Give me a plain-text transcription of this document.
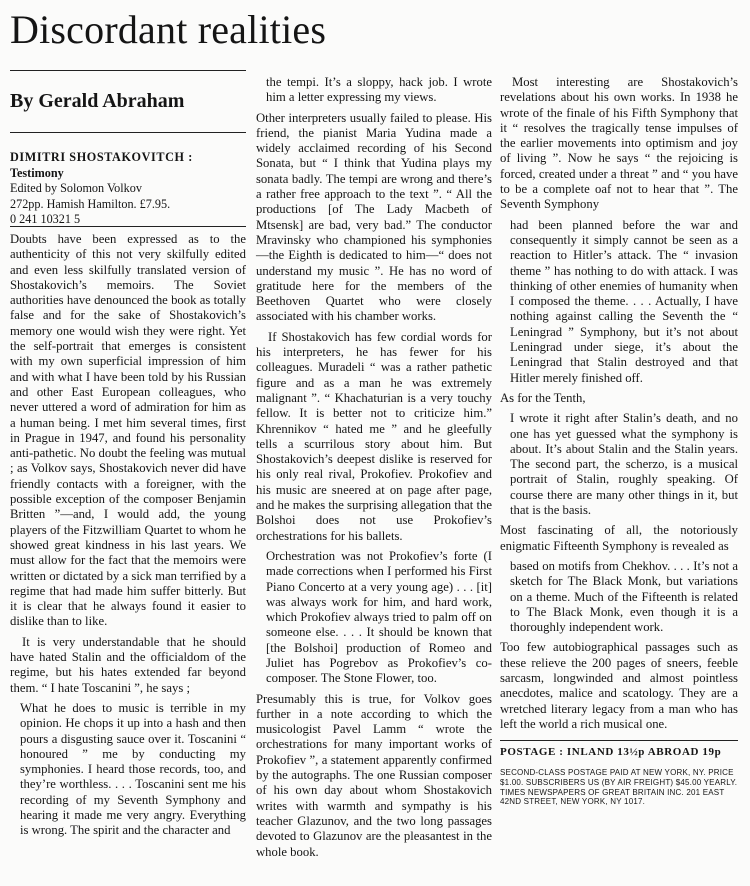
Discordant realities
By Gerald Abraham
DIMITRI SHOSTAKOVITCH :
Testimony
Edited by Solomon Volkov
272pp. Hamish Hamilton. £7.95.
0 241 10321 5

Doubts have been expressed as to the authenticity of this not very skilfully edited and even less skilfully translated version of Shostakovich’s memoirs. The Soviet authorities have denounced the book as totally false and for the sake of Shostakovich’s memory one would wish they were right. Yet the self-portrait that emerges is consistent with my own superficial impression of him and with what I have been told by his Russian and other East European colleagues, who never uttered a word of admiration for him as a human being. I met him several times, first in Prague in 1947, and found his personality anti-pathetic. No doubt the feeling was mutual ; as Volkov says, Shostakovich never did have friendly contacts with a foreigner, with the possible exception of the composer Benjamin Britten ”—and, I would add, the young players of the Fitzwilliam Quartet to whom he showed great kindness in his last years. We must allow for the fact that the memoirs were written or dictated by a sick man terrified by a regime that had made him suffer bitterly. But it is clear that he always found it easier to dislike than to like.

It is very understandable that he should have hated Stalin and the officialdom of the regime, but his hates extended far beyond them. “ I hate Toscanini ”, he says ;

What he does to music is terrible in my opinion. He chops it up into a hash and then pours a disgusting sauce over it. Toscanini “ honoured ” me by conducting my symphonies. I heard those records, too, and they’re worthless. . . . Toscanini sent me his recording of my Seventh Symphony and hearing it made me very angry. Everything is wrong. The spirit and the character and

the tempi. It’s a sloppy, hack job. I wrote him a letter expressing my views.

Other interpreters usually failed to please. His friend, the pianist Maria Yudina made a widely acclaimed recording of his Second Sonata, but “ I think that Yudina plays my sonata badly. The tempi are wrong and there’s a rather free approach to the text ”. “ All the productions [of The Lady Macbeth of Mtsensk] are bad, very bad.” The conductor Mravinsky who championed his symphonies—the Eighth is dedicated to him—“ does not understand my music ”. He has no word of gratitude here for the members of the Beethoven Quartet who were closely associated with his chamber works.

If Shostakovich has few cordial words for his interpreters, he has fewer for his colleagues. Muradeli “ was a rather pathetic figure and as a man he was extremely malignant ”. “ Khachaturian is a very touchy fellow. It is better not to criticize him.” Khrennikov “ hated me ” and he gleefully tells a scurrilous story about him. But Shostakovich’s deepest dislike is reserved for his only real rival, Prokofiev. Prokofiev and his music are sneered at on page after page, and he makes the surprising allegation that the Bolshoi does not use Prokofiev’s orchestrations for his ballets.

Orchestration was not Prokofiev’s forte (I made corrections when I performed his First Piano Concerto at a very young age) . . . [it] was always work for him, and hard work, which Prokofiev always tried to palm off on someone else. . . . It should be known that [the Bolshoi] production of Romeo and Juliet has Pogrebov as Prokofiev’s co-composer. The Stone Flower, too.

Presumably this is true, for Volkov goes further in a note according to which the musicologist Pavel Lamm “ wrote the orchestrations for many important works of Prokofiev ”, a statement apparently confirmed by the autographs. The one Russian composer of his own day about whom Shostakovich writes with warmth and sympathy is his teacher Glazunov, and the two long passages devoted to Glazunov are the pleasantest in the whole book.

Most interesting are Shostakovich’s revelations about his own works. In 1938 he wrote of the finale of his Fifth Symphony that it “ resolves the tragically tense impulses of the earlier movements into optimism and joy of living ”. Now he says “ the rejoicing is forced, created under a threat ” and “ you have to be a complete oaf not to hear that ”. The Seventh Symphony

had been planned before the war and consequently it simply cannot be seen as a reaction to Hitler’s attack. The “ invasion theme ” has nothing to do with attack. I was thinking of other enemies of humanity when I composed the theme. . . . Actually, I have nothing against calling the Seventh the “ Leningrad ” Symphony, but it’s not about Leningrad under siege, it’s about the Leningrad that Stalin destroyed and that Hitler merely finished off.

As for the Tenth,

I wrote it right after Stalin’s death, and no one has yet guessed what the symphony is about. It’s about Stalin and the Stalin years. The second part, the scherzo, is a musical portrait of Stalin, roughly speaking. Of course there are many other things in it, but that is the basis.

Most fascinating of all, the notoriously enigmatic Fifteenth Symphony is revealed as

based on motifs from Chekhov. . . . It’s not a sketch for The Black Monk, but variations on a theme. Much of the Fifteenth is related to The Black Monk, even though it is a thoroughly independent work.

Too few autobiographical passages such as these relieve the 200 pages of sneers, feeble sarcasm, longwinded and almost pointless anecdotes, malice and scatology. They are a wretched literary legacy from a man who has left the world a rich musical one.

POSTAGE : INLAND 13½p ABROAD 19p
SECOND-CLASS POSTAGE PAID AT NEW YORK, NY. PRICE $1.00. SUBSCRIBERS US (BY AIR FREIGHT) $45.00 YEARLY. TIMES NEWSPAPERS OF GREAT BRITAIN INC. 201 EAST 42ND STREET, NEW YORK, NY 1017.
